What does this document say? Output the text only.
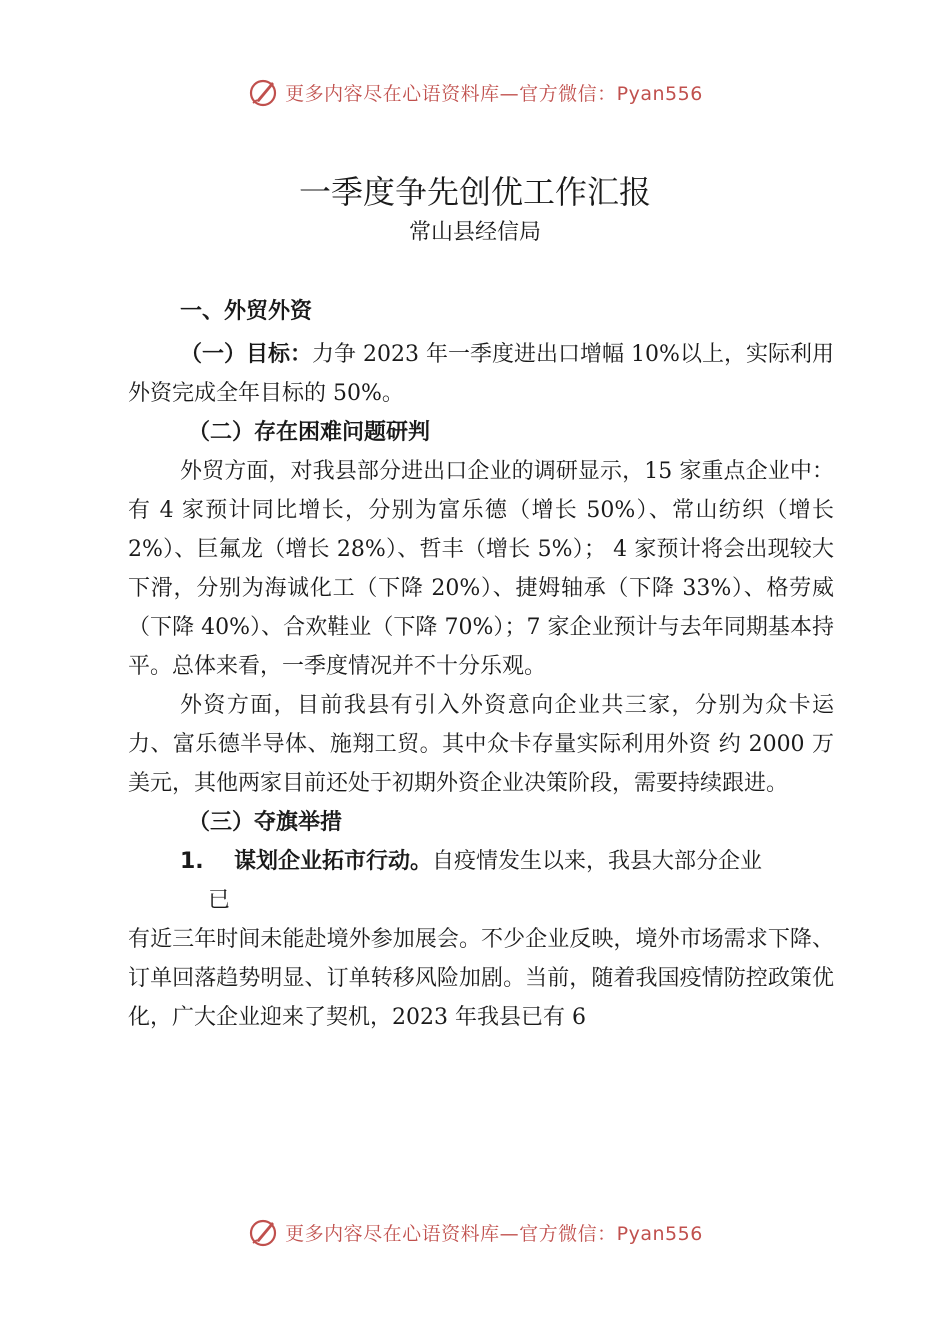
更多内容尽在心语资料库—官方微信：Pyan556
一季度争先创优工作汇报
常山县经信局

一、外贸外资

（一）目标：力争 2023 年一季度进出口增幅 10%以上，实际利用外资完成全年目标的 50%。

（二）存在困难问题研判

外贸方面，对我县部分进出口企业的调研显示，15 家重点企业中：有 4 家预计同比增长，分别为富乐德（增长 50%）、常山纺织（增长 2%）、巨氟龙（增长 28%）、哲丰（增长 5%）； 4 家预计将会出现较大下滑，分别为海诚化工（下降 20%）、捷姆轴承（下降 33%）、格劳威（下降 40%）、合欢鞋业（下降 70%）；7 家企业预计与去年同期基本持平。总体来看，一季度情况并不十分乐观。

外资方面，目前我县有引入外资意向企业共三家，分别为众卡运力、富乐德半导体、施翔工贸。其中众卡存量实际利用外资 约 2000 万美元，其他两家目前还处于初期外资企业决策阶段，需要持续跟进。

（三）夺旗举措

1. 谋划企业拓市行动。自疫情发生以来，我县大部分企业

已

有近三年时间未能赴境外参加展会。不少企业反映，境外市场需求下降、订单回落趋势明显、订单转移风险加剧。当前，随着我国疫情防控政策优化，广大企业迎来了契机，2023 年我县已有 6

更多内容尽在心语资料库—官方微信：Pyan556
